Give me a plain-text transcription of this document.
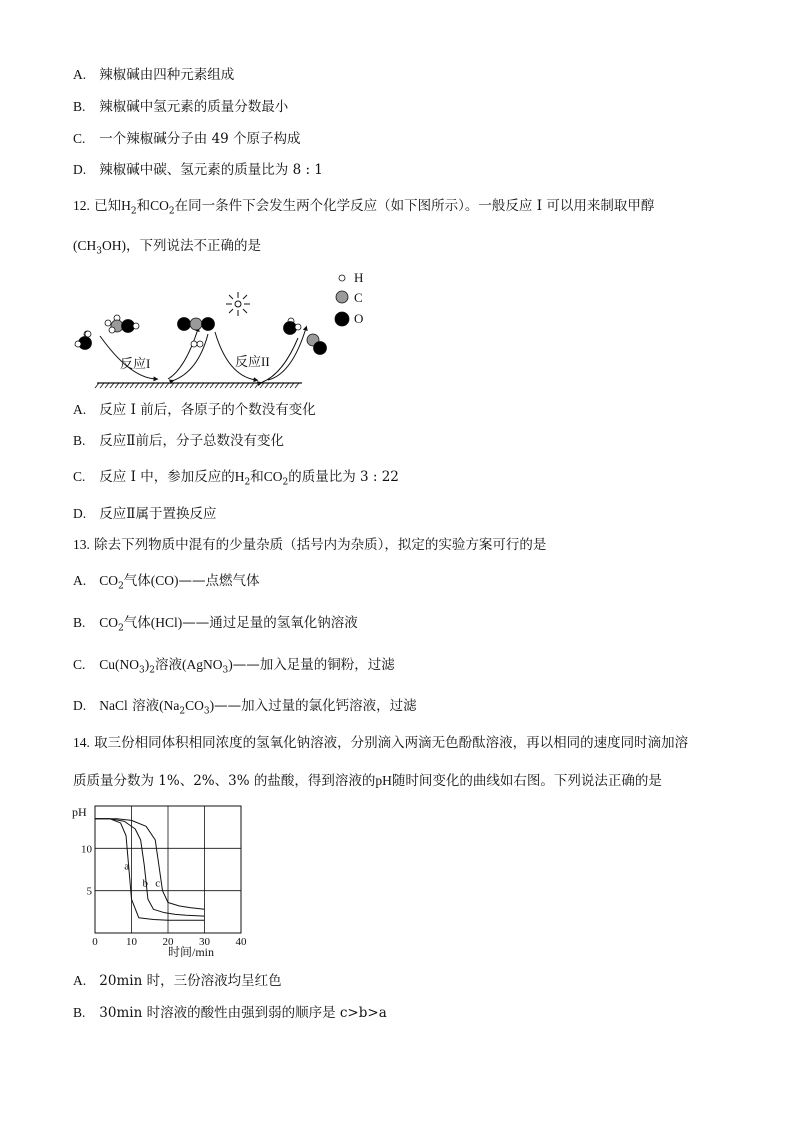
A. 辣椒碱由四种元素组成
B. 辣椒碱中氢元素的质量分数最小
C. 一个辣椒碱分子由 49 个原子构成
D. 辣椒碱中碳、氢元素的质量比为 8 : 1
12. 已知$H_2$和$CO_2$在同一条件下会发生两个化学反应（如下图所示）。一般反应 I 可以用来制取甲醇
$(CH_3OH)$，下列说法不正确的是
反应I	反应II
H
C
O
A. 反应 I 前后，各原子的个数没有变化
B. 反应Ⅱ前后，分子总数没有变化
C. 反应 I 中，参加反应的$H_2$和$CO_2$的质量比为 3 : 22
D. 反应Ⅱ属于置换反应
13. 除去下列物质中混有的少量杂质（括号内为杂质），拟定的实验方案可行的是
A. $CO_2$气体(CO)——点燃气体
B. $CO_2$气体(HCl)——通过足量的氢氧化钠溶液
C. $Cu(NO_3)_2$溶液(AgNO$_3$)——加入足量的铜粉，过滤
D. NaCl 溶液$(Na_2CO_3)——$加入过量的氯化钙溶液，过滤
14. 取三份相同体积相同浓度的氢氧化钠溶液，分别滴入两滴无色酚酞溶液，再以相同的速度同时滴加溶
质质量分数为 1%、2%、3% 的盐酸，得到溶液的pH随时间变化的曲线如右图。下列说法正确的是
0	10 20 30 40
5
10
a
b c
pH
时间/min
A. 20min 时，三份溶液均呈红色
B. 30min 时溶液的酸性由强到弱的顺序是 c>b>a
